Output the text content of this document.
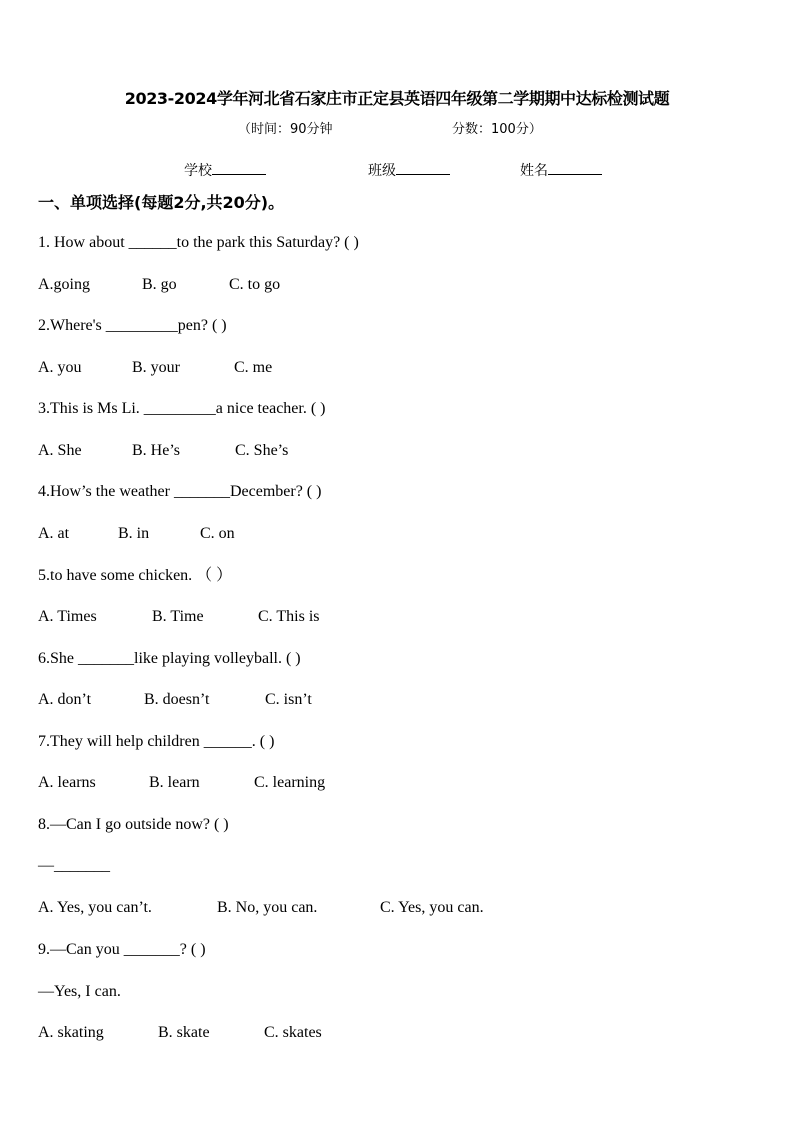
2023-2024学年河北省石家庄市正定县英语四年级第二学期期中达标检测试题
（时间：90分钟	分数：100分）
学校	班级	姓名
一、单项选择(每题2分,共20分)。
1. How about ______to the park this Saturday? ( )
A.going	B. go	C. to go
2.Where's _________pen? ( )
A. you	B. your	C. me
3.This is Ms Li. _________a nice teacher. ( )
A. She	B. He’s	C. She’s
4.How’s the weather _______December? ( )
A. at	B. in	C. on
5.to have some chicken. （ ）
A. Times	B. Time	C. This is
6.She _______like playing volleyball. ( )
A. don’t	B. doesn’t	C. isn’t
7.They will help children ______. ( )
A. learns	B. learn	C. learning
8.—Can I go outside now? ( )
—_______
A. Yes, you can’t.	B. No, you can.	C. Yes, you can.
9.—Can you _______? ( )
—Yes, I can.
A. skating	B. skate	C. skates
